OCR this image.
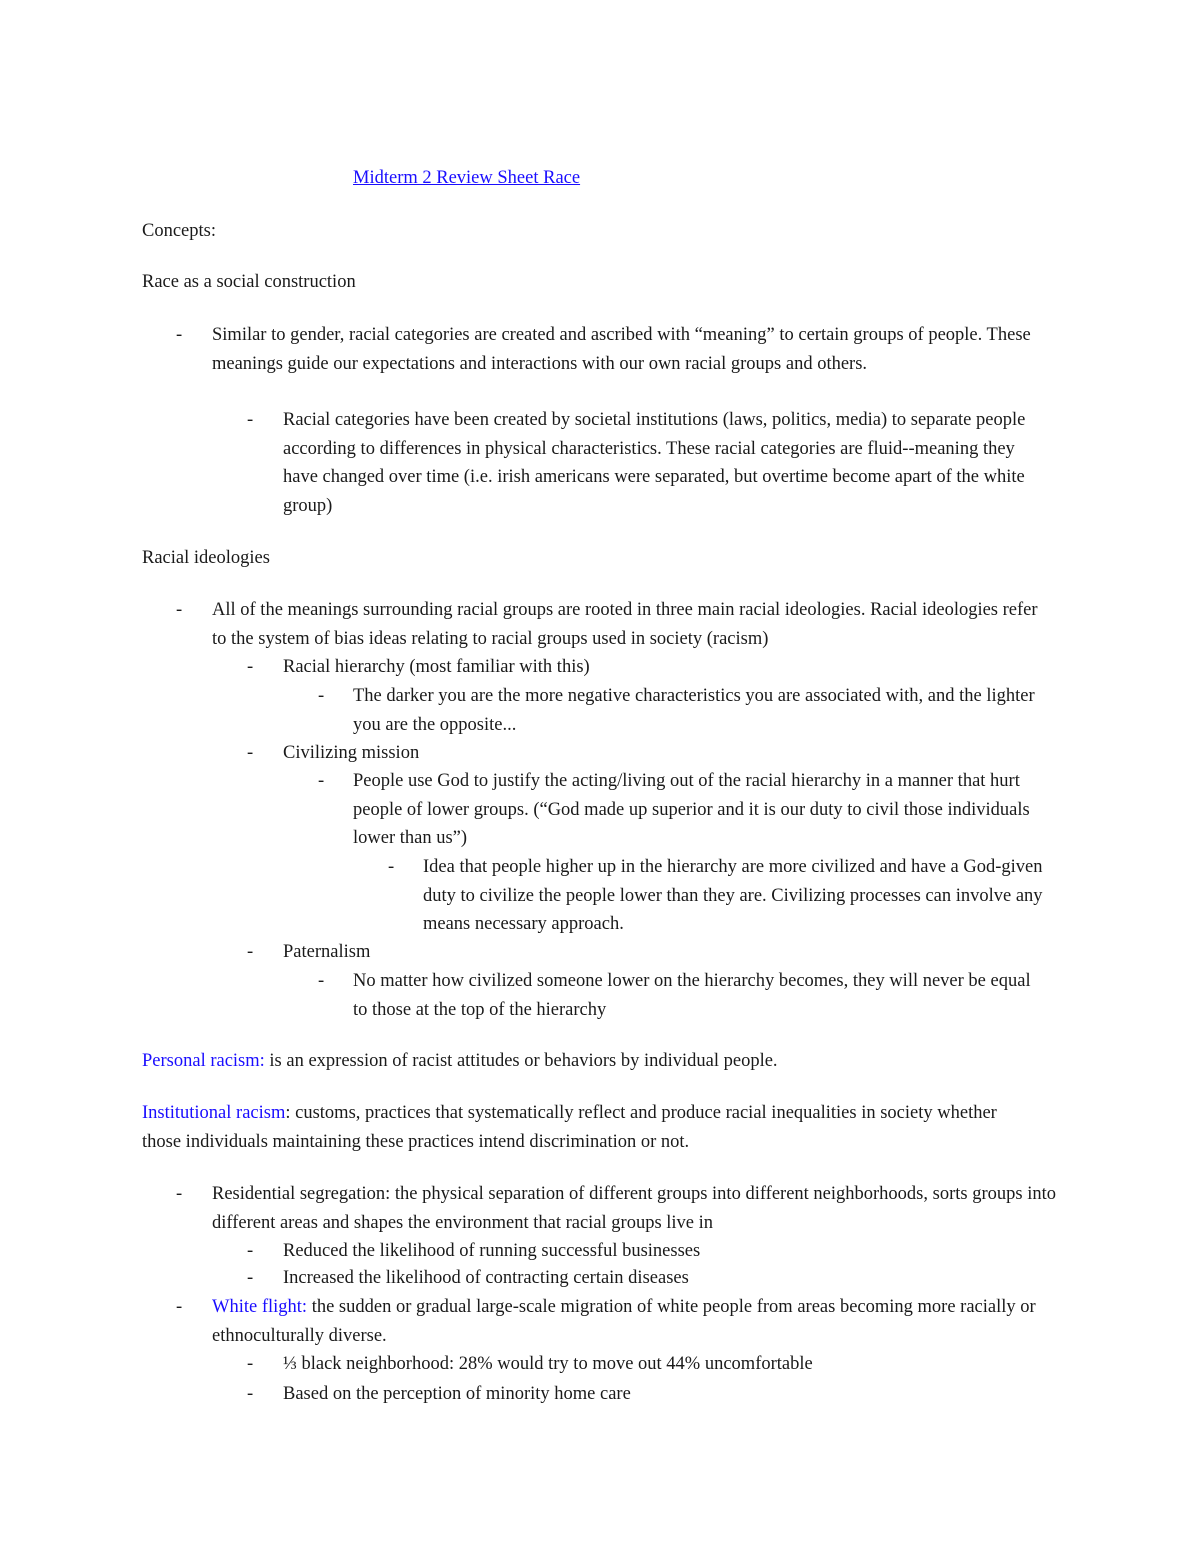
Midterm 2 Review Sheet Race
Concepts:
Race as a social construction
- Similar to gender, racial categories are created and ascribed with “meaning” to certain groups of people. These meanings guide our expectations and interactions with our own racial groups and others.
- Racial categories have been created by societal institutions (laws, politics, media) to separate people according to differences in physical characteristics. These racial categories are fluid--meaning they have changed over time (i.e. irish americans were separated, but overtime become apart of the white group)
Racial ideologies
- All of the meanings surrounding racial groups are rooted in three main racial ideologies. Racial ideologies refer to the system of bias ideas relating to racial groups used in society (racism)
- Racial hierarchy (most familiar with this)
- The darker you are the more negative characteristics you are associated with, and the lighter you are the opposite...
- Civilizing mission
- People use God to justify the acting/living out of the racial hierarchy in a manner that hurt people of lower groups. (“God made up superior and it is our duty to civil those individuals lower than us”)
- Idea that people higher up in the hierarchy are more civilized and have a God-given duty to civilize the people lower than they are. Civilizing processes can involve any means necessary approach.
- Paternalism
- No matter how civilized someone lower on the hierarchy becomes, they will never be equal to those at the top of the hierarchy
Personal racism: is an expression of racist attitudes or behaviors by individual people.
Institutional racism: customs, practices that systematically reflect and produce racial inequalities in society whether those individuals maintaining these practices intend discrimination or not.
- Residential segregation: the physical separation of different groups into different neighborhoods, sorts groups into different areas and shapes the environment that racial groups live in
- Reduced the likelihood of running successful businesses
- Increased the likelihood of contracting certain diseases
- White flight: the sudden or gradual large-scale migration of white people from areas becoming more racially or ethnoculturally diverse.
- ⅓ black neighborhood: 28% would try to move out 44% uncomfortable
- Based on the perception of minority home care
